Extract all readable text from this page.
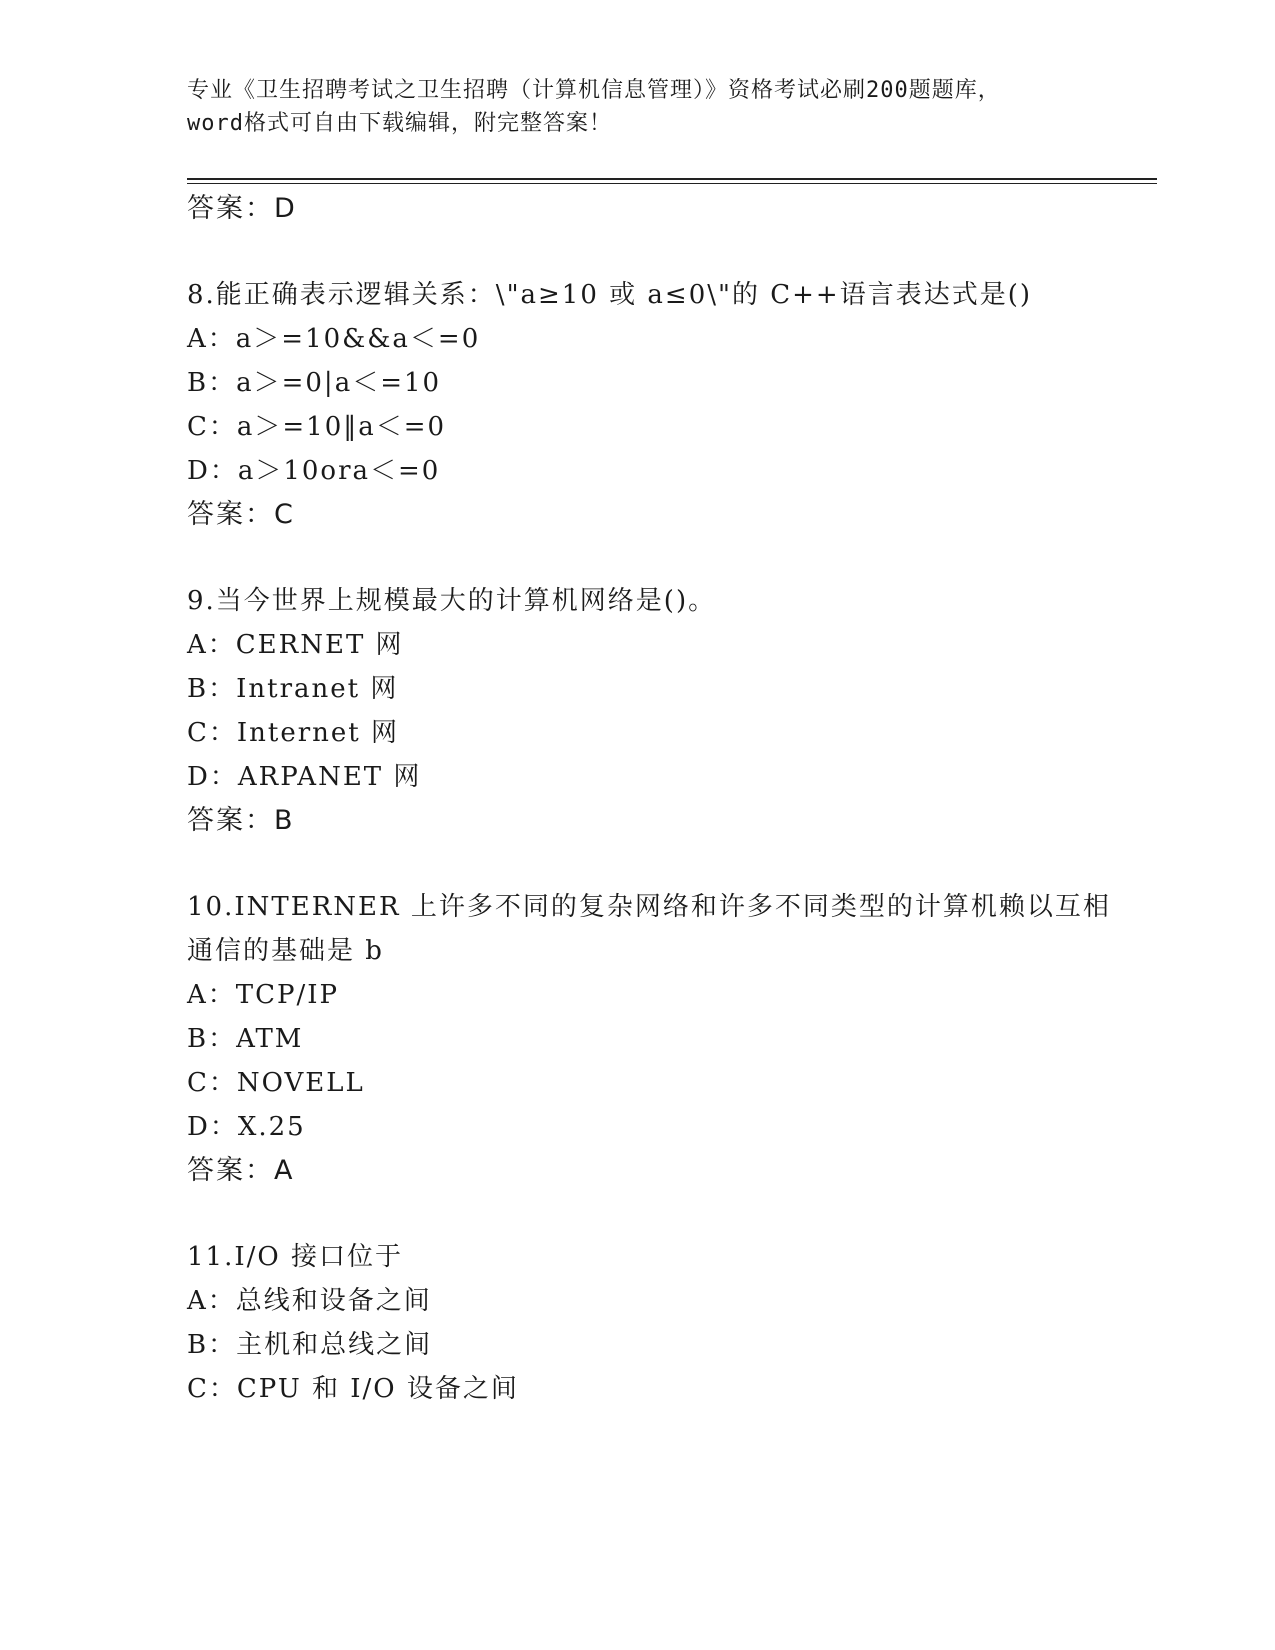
专业《卫生招聘考试之卫生招聘（计算机信息管理）》资格考试必刷200题题库，
word格式可自由下载编辑，附完整答案！
答案：D
8.能正确表示逻辑关系：\"a≥10 或 a≤0\"的 C++语言表达式是()
A：a＞=10&&a＜=0
B：a＞=0|a＜=10
C：a＞=10‖a＜=0
D：a＞10ora＜=0
答案：C
9.当今世界上规模最大的计算机网络是()。
A：CERNET 网
B：Intranet 网
C：Internet 网
D：ARPANET 网
答案：B
10.INTERNER 上许多不同的复杂网络和许多不同类型的计算机赖以互相
通信的基础是 b
A：TCP/IP
B：ATM
C：NOVELL
D：X.25
答案：A
11.I/O 接口位于
A：总线和设备之间
B：主机和总线之间
C：CPU 和 I/O 设备之间
